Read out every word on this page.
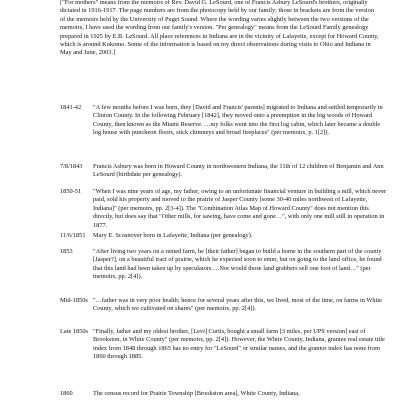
["For mothers" means from the memoirs of Rev. David G. LeSourd, one of Francis Asbury LeSourd's brothers, originally dictated in 1916-1917. The page numbers are from the photocopy held by our family; those in brackets are from the version of the memoirs held by the University of Puget Sound. Where the wording varies slightly between the two versions of the memoirs, I have used the wording from our family's version. "Per genealogy" means from the LeSourd Family genealogy prepared in 1925 by E.B. LeSourd. All place references in Indiana are in the vicinity of Lafayette, except for Howard County, which is around Kokomo. Some of the information is based on my direct observations during visits to Ohio and Indiana in May and June, 2003.]

1841-42	"A few months before I was born, they [David and Francis' parents] migrated to Indiana and settled temporarily in Clinton County. In the following February [1842], they moved onto a preemption in the big woods of Howard County, then known as the Miami Reserve. …my folks went into the first log cabin, which later became a double log house with puncheon floors, stick chimneys and broad fireplaces" (per memoirs, p. 1[2]).

7/8/1843	Francis Asbury was born in Howard County in northwestern Indiana, the 11th of 12 children of Benjamin and Ann LeSourd (birthdate per genealogy).

1850-51	"When I was nine years of age, my father, owing to an unfortunate financial venture in building a mill, which never paid, sold his property and moved to the prairie of Jasper County [some 30-40 miles northwest of Lafayette, Indiana]" (per memoirs, pp. 2[3-4]). The "Combination Atlas Map of Howard County" does not mention this directly, but does say that "Other mills, for sawing, have come and gone…", with only one mill still in operation in 1877.

11/6/1851	Mary E. Scosnover born in Lafayette, Indiana (per genealogy).

1853	"After living two years on a rented farm, he [their father] began to build a home in the southern part of the county [Jasper?], on a beautiful tract of prairie, which he expected soon to enter, but on going to the land office, he found that this land had been taken up by speculators.…Nor would those land grabbers sell one foot of land…" (per memoirs, pp. 2[4]).

Mid-1850s "…father was in very poor health; hence for several years after this, we lived, most of the time, on farms in White County, which we cultivated on shares" (per memoirs, pp. 2[4]).

Late 1850s "Finally, father and my oldest brother, [Levi] Curtis, bought a small farm [3 miles, per UPS version] east of Brookston, in White County" (per memoirs, pp. 2[4]). However, the White County, Indiana, grantee real estate title index from 1848 through 1865 has no entry for "LeSourd" or similar names, and the grantor index has none from 1860 through 1885.

1860	The census record for Prairie Township [Brookston area], White County, Indiana,
